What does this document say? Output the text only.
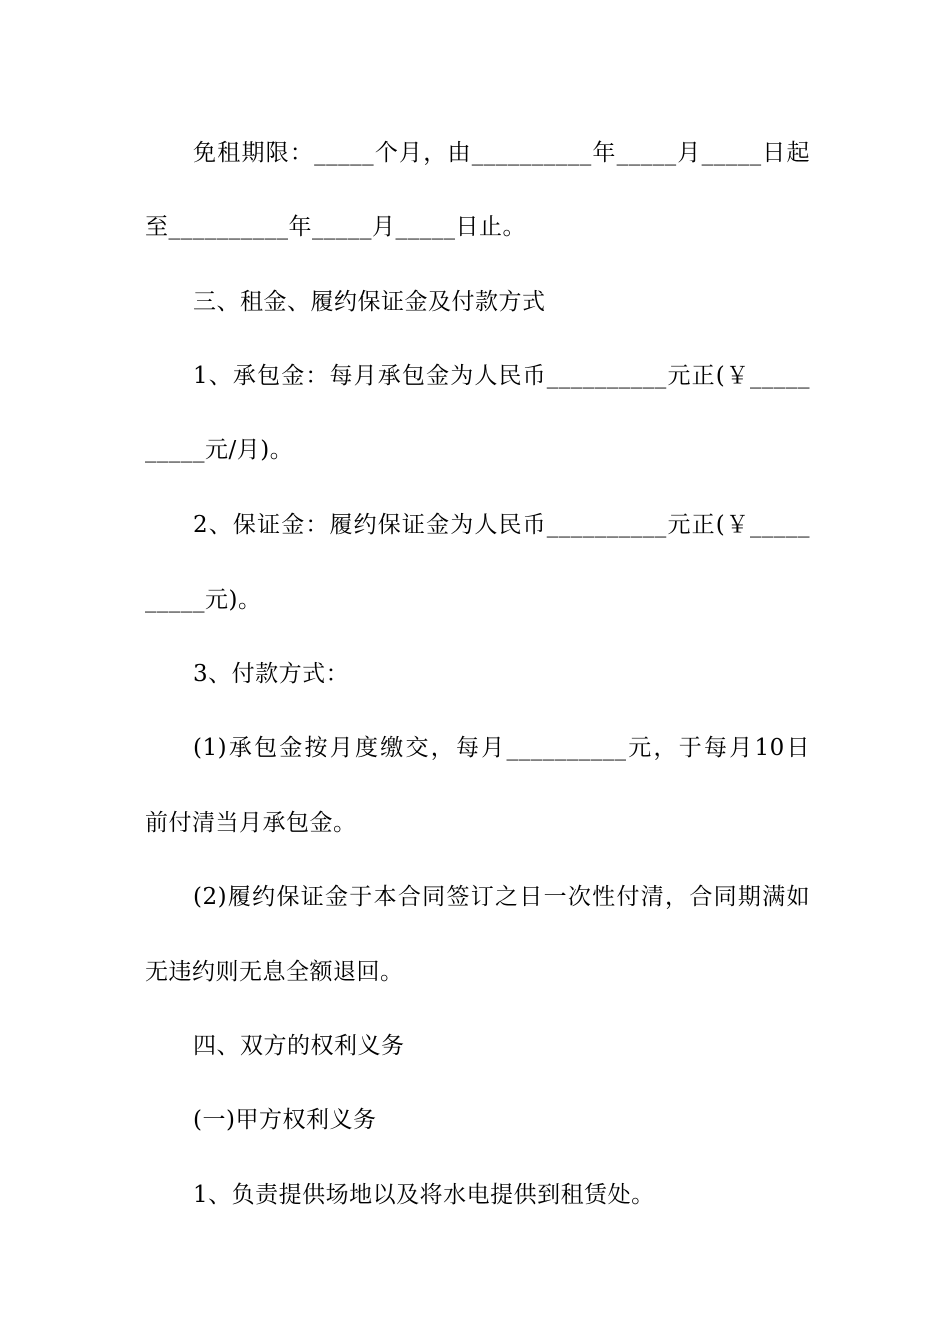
免租期限：_____个月，由__________年_____月_____日起
至__________年_____月_____日止。
三、租金、履约保证金及付款方式
1、承包金：每月承包金为人民币__________元正(￥_____
_____元/月)。
2、保证金：履约保证金为人民币__________元正(￥_____
_____元)。
3、付款方式：
(1)承包金按月度缴交，每月__________元，于每月10日
前付清当月承包金。
(2)履约保证金于本合同签订之日一次性付清，合同期满如
无违约则无息全额退回。
四、双方的权利义务
(一)甲方权利义务
1、负责提供场地以及将水电提供到租赁处。
